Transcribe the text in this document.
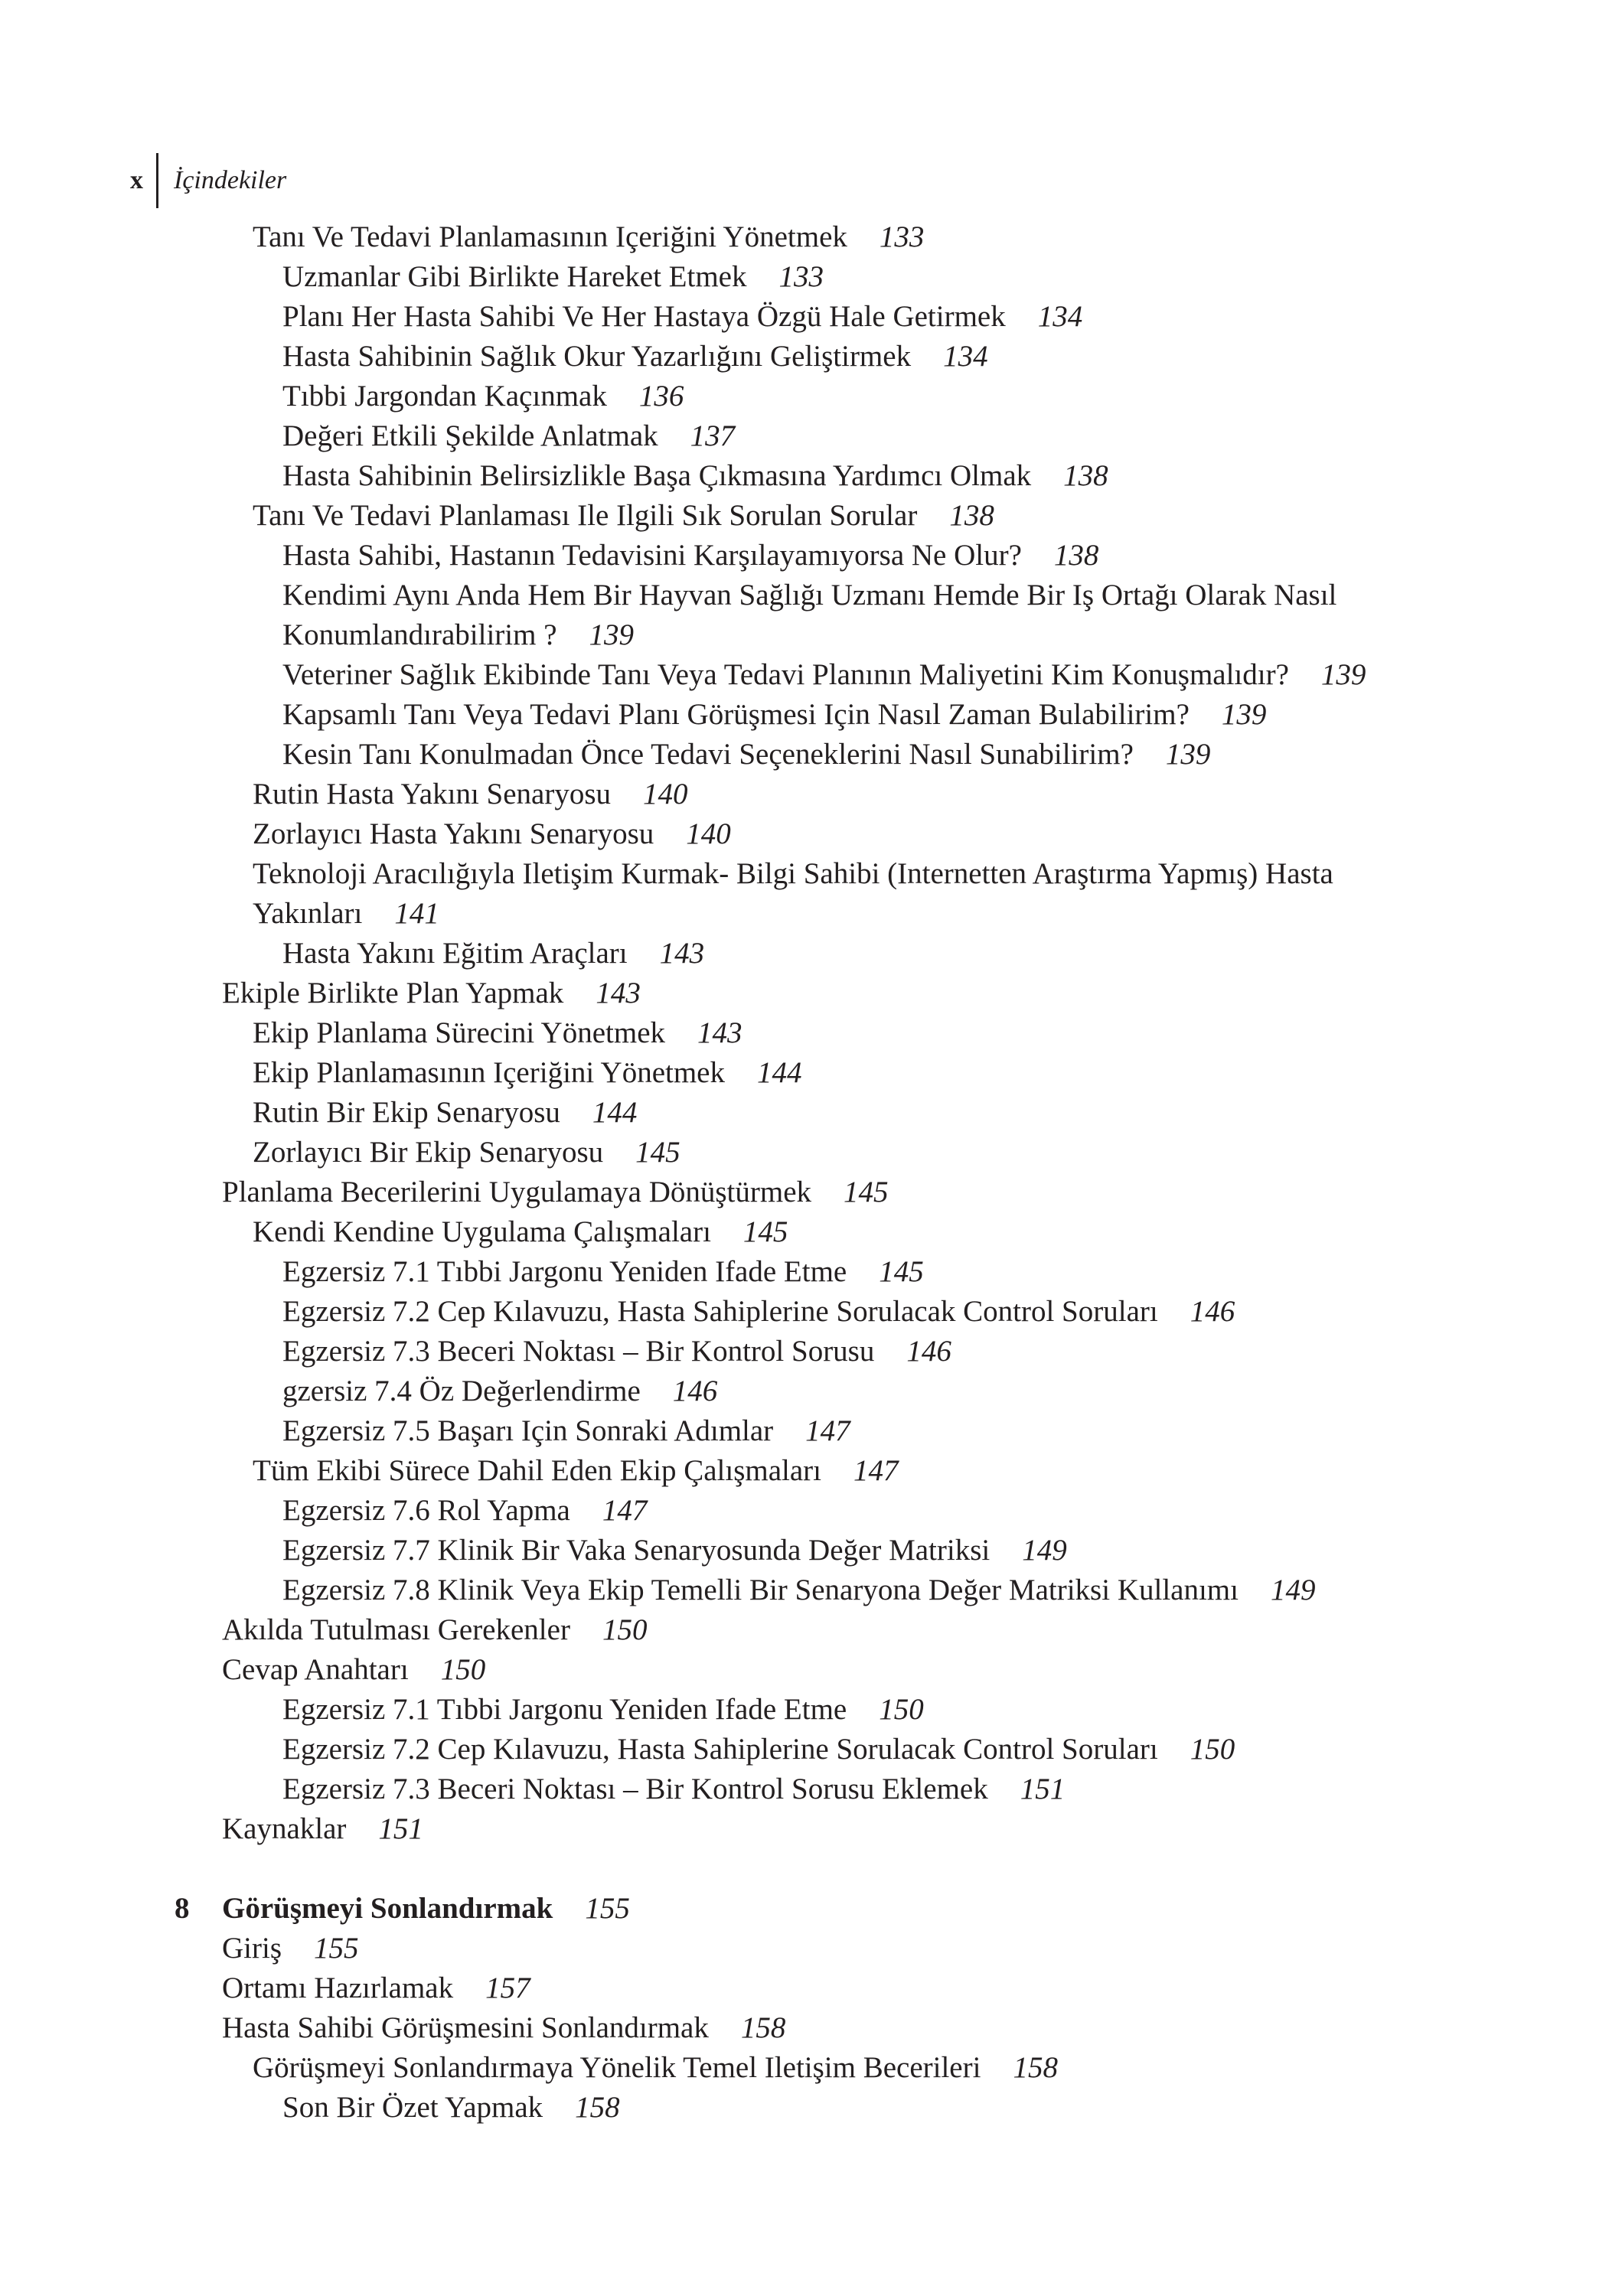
x	İçindekiler
Tanı Ve Tedavi Planlamasının Içeriğini Yönetmek 133
Uzmanlar Gibi Birlikte Hareket Etmek 133
Planı Her Hasta Sahibi Ve Her Hastaya Özgü Hale Getirmek 134
Hasta Sahibinin Sağlık Okur Yazarlığını Geliştirmek 134
Tıbbi Jargondan Kaçınmak 136
Değeri Etkili Şekilde Anlatmak 137
Hasta Sahibinin Belirsizlikle Başa Çıkmasına Yardımcı Olmak 138
Tanı Ve Tedavi Planlaması Ile Ilgili Sık Sorulan Sorular 138
Hasta Sahibi, Hastanın Tedavisini Karşılayamıyorsa Ne Olur? 138
Kendimi Aynı Anda Hem Bir Hayvan Sağlığı Uzmanı Hemde Bir Iş Ortağı Olarak Nasıl
Konumlandırabilirim ? 139
Veteriner Sağlık Ekibinde Tanı Veya Tedavi Planının Maliyetini Kim Konuşmalıdır? 139
Kapsamlı Tanı Veya Tedavi Planı Görüşmesi Için Nasıl Zaman Bulabilirim? 139
Kesin Tanı Konulmadan Önce Tedavi Seçeneklerini Nasıl Sunabilirim? 139
Rutin Hasta Yakını Senaryosu 140
Zorlayıcı Hasta Yakını Senaryosu 140
Teknoloji Aracılığıyla Iletişim Kurmak- Bilgi Sahibi (Internetten Araştırma Yapmış) Hasta
Yakınları 141
Hasta Yakını Eğitim Araçları 143
Ekiple Birlikte Plan Yapmak 143
Ekip Planlama Sürecini Yönetmek 143
Ekip Planlamasının Içeriğini Yönetmek 144
Rutin Bir Ekip Senaryosu 144
Zorlayıcı Bir Ekip Senaryosu 145
Planlama Becerilerini Uygulamaya Dönüştürmek 145
Kendi Kendine Uygulama Çalışmaları 145
Egzersiz 7.1 Tıbbi Jargonu Yeniden Ifade Etme 145
Egzersiz 7.2 Cep Kılavuzu, Hasta Sahiplerine Sorulacak Control Soruları 146
Egzersiz 7.3 Beceri Noktası – Bir Kontrol Sorusu 146
gzersiz 7.4 Öz Değerlendirme 146
Egzersiz 7.5 Başarı Için Sonraki Adımlar 147
Tüm Ekibi Sürece Dahil Eden Ekip Çalışmaları 147
Egzersiz 7.6 Rol Yapma 147
Egzersiz 7.7 Klinik Bir Vaka Senaryosunda Değer Matriksi 149
Egzersiz 7.8 Klinik Veya Ekip Temelli Bir Senaryona Değer Matriksi Kullanımı 149
Akılda Tutulması Gerekenler 150
Cevap Anahtarı 150
Egzersiz 7.1 Tıbbi Jargonu Yeniden Ifade Etme 150
Egzersiz 7.2 Cep Kılavuzu, Hasta Sahiplerine Sorulacak Control Soruları 150
Egzersiz 7.3 Beceri Noktası – Bir Kontrol Sorusu Eklemek 151
Kaynaklar 151
8 Görüşmeyi Sonlandırmak 155
Giriş 155
Ortamı Hazırlamak 157
Hasta Sahibi Görüşmesini Sonlandırmak 158
Görüşmeyi Sonlandırmaya Yönelik Temel Iletişim Becerileri 158
Son Bir Özet Yapmak 158
